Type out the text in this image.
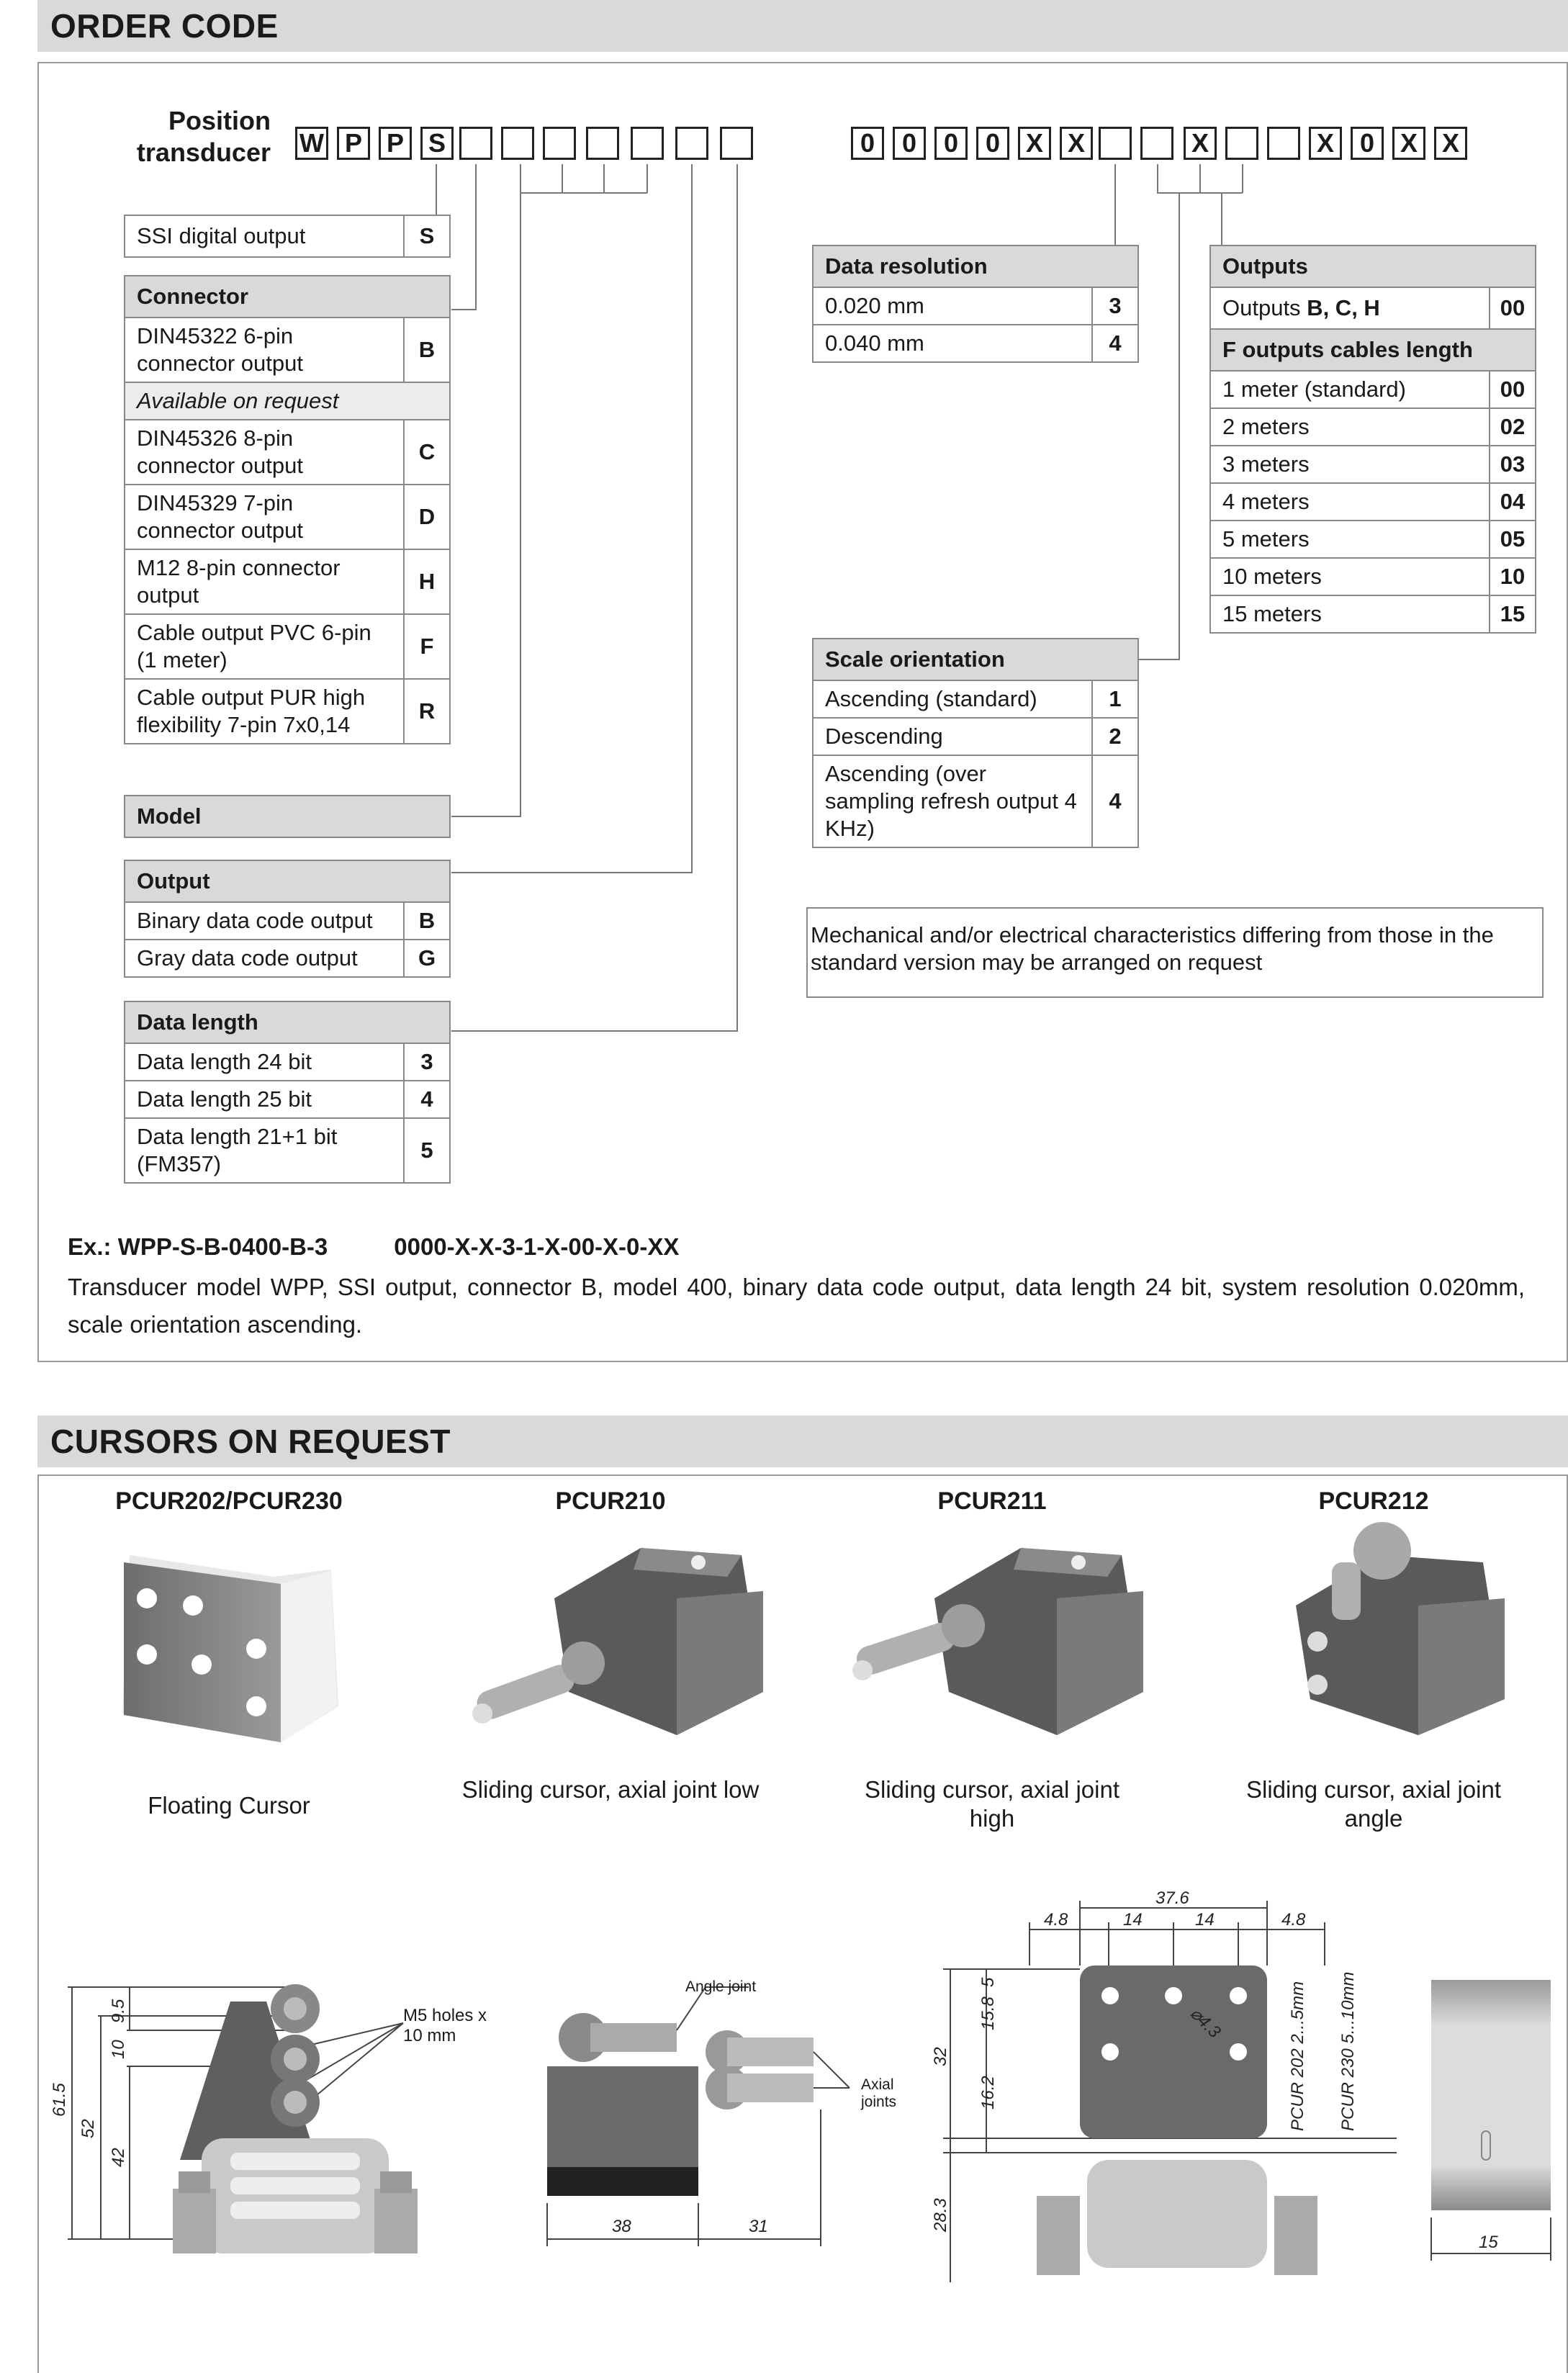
ORDER CODE
Position
transducer W P P S	0	0	0	0 X X	X	X 0 X X
SSI digital output	S
Connector	
DIN45322 6-pin connector output	B
Available on request	
DIN45326 8-pin connector output	C
DIN45329 7-pin connector output	D
M12 8-pin connector output	H
Cable output PVC 6-pin (1 meter)	F
Cable output PUR high flexibility 7-pin 7x0,14	R
Model
Output	
Binary data code output	B
Gray data code output	G
Data length	
Data length 24 bit	3
Data length 25 bit	4
Data length 21+1 bit (FM357)	5
Data resolution	
0.020 mm	3
0.040 mm	4
Scale orientation	
Ascending (standard)	1
Descending	2
Ascending (over sampling refresh output 4 KHz)	4
Outputs	
Outputs B, C, H	00
F outputs cables length	
1 meter (standard)	00
2 meters	02
3 meters	03
4 meters	04
5 meters	05
10 meters	10
15 meters	15
Mechanical and/or electrical characteristics differing from those in the standard version may be arranged on request
Ex.: WPP-S-B-0400-B-3	0000-X-X-3-1-X-00-X-0-XX
Transducer model WPP, SSI output, connector B, model 400, binary data code output, data length 24 bit, system resolution 0.020mm, scale orientation ascending.
CURSORS ON REQUEST
PCUR202/PCUR230	PCUR210	PCUR211	PCUR212
Floating Cursor
Sliding cursor, axial joint low	Sliding cursor, axial joint high
Sliding cursor, axial joint angle
61.5
52
42
9.5
10
M5 holes x 10 mm
38	31
Angle joint
Axial joints
37.6
4.8	14	14	4.8
5
15.8
32
16.2
28.3
⌀4.3	PCUR 202 2...5mm PCUR 230 5...10mm
15
